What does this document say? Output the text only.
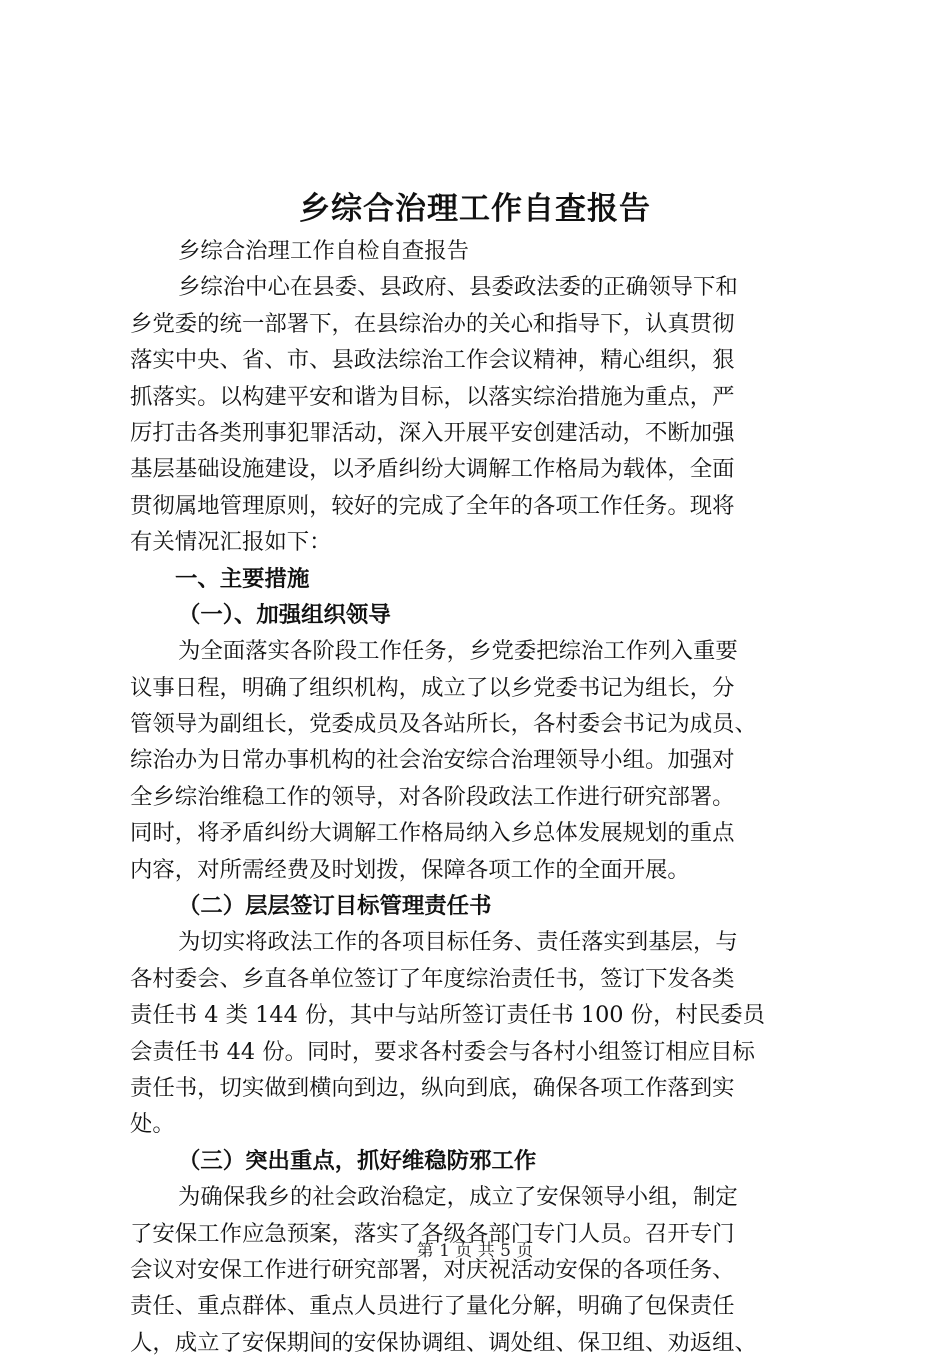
乡综合治理工作自查报告

乡综合治理工作自检自查报告

乡综治中心在县委、县政府、县委政法委的正确领导下和

乡党委的统一部署下，在县综治办的关心和指导下，认真贯彻

落实中央、省、市、县政法综治工作会议精神，精心组织，狠

抓落实。以构建平安和谐为目标，以落实综治措施为重点，严

厉打击各类刑事犯罪活动，深入开展平安创建活动，不断加强

基层基础设施建设，以矛盾纠纷大调解工作格局为载体，全面

贯彻属地管理原则，较好的完成了全年的各项工作任务。现将

有关情况汇报如下：

一、主要措施

（一）、加强组织领导

为全面落实各阶段工作任务，乡党委把综治工作列入重要

议事日程，明确了组织机构，成立了以乡党委书记为组长，分

管领导为副组长，党委成员及各站所长，各村委会书记为成员、

综治办为日常办事机构的社会治安综合治理领导小组。加强对

全乡综治维稳工作的领导，对各阶段政法工作进行研究部署。

同时，将矛盾纠纷大调解工作格局纳入乡总体发展规划的重点

内容，对所需经费及时划拨，保障各项工作的全面开展。

（二）层层签订目标管理责任书

为切实将政法工作的各项目标任务、责任落实到基层，与

各村委会、乡直各单位签订了年度综治责任书，签订下发各类

责任书 4 类 144 份，其中与站所签订责任书 100 份，村民委员

会责任书 44 份。同时，要求各村委会与各村小组签订相应目标

责任书，切实做到横向到边，纵向到底，确保各项工作落到实

处。

（三）突出重点，抓好维稳防邪工作

为确保我乡的社会政治稳定，成立了安保领导小组，制定

了安保工作应急预案，落实了各级各部门专门人员。召开专门

会议对安保工作进行研究部署，对庆祝活动安保的各项任务、

责任、重点群体、重点人员进行了量化分解，明确了包保责任

人，成立了安保期间的安保协调组、调处组、保卫组、劝返组、

第 1 页 共 5 页
